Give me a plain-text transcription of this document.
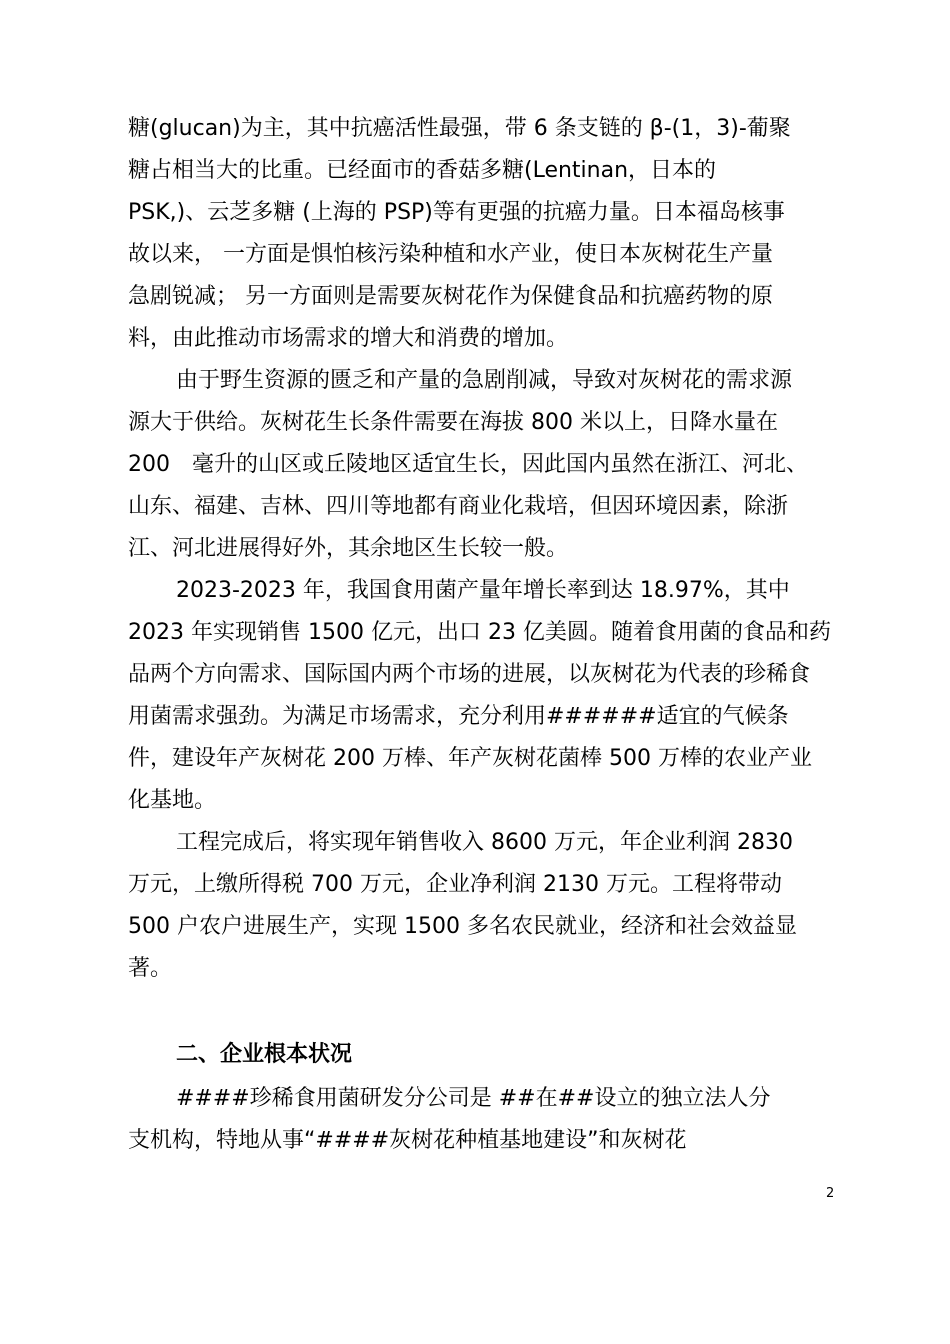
糖(glucan)为主，其中抗癌活性最强，带 6 条支链的 β-(1，3)-葡聚
糖占相当大的比重。已经面市的香菇多糖(Lentinan，日本的
PSK,)、云芝多糖 (上海的 PSP)等有更强的抗癌力量。日本福岛核事
故以来， 一方面是惧怕核污染种植和水产业，使日本灰树花生产量
急剧锐减； 另一方面则是需要灰树花作为保健食品和抗癌药物的原
料，由此推动市场需求的增大和消费的增加。
由于野生资源的匮乏和产量的急剧削减，导致对灰树花的需求源
源大于供给。灰树花生长条件需要在海拔 800 米以上，日降水量在
200　毫升的山区或丘陵地区适宜生长，因此国内虽然在浙江、河北、
山东、福建、吉林、四川等地都有商业化栽培，但因环境因素，除浙
江、河北进展得好外，其余地区生长较一般。
2023-2023 年，我国食用菌产量年增长率到达 18.97%，其中
2023 年实现销售 1500 亿元，出口 23 亿美圆。随着食用菌的食品和药
品两个方向需求、国际国内两个市场的进展，以灰树花为代表的珍稀食
用菌需求强劲。为满足市场需求，充分利用######适宜的气候条
件，建设年产灰树花 200 万棒、年产灰树花菌棒 500 万棒的农业产业
化基地。
工程完成后，将实现年销售收入 8600 万元，年企业利润 2830
万元，上缴所得税 700 万元，企业净利润 2130 万元。工程将带动
500 户农户进展生产，实现 1500 多名农民就业，经济和社会效益显
著。
二、企业根本状况
####珍稀食用菌研发分公司是 ##在##设立的独立法人分
支机构，特地从事“####灰树花种植基地建设”和灰树花
2
